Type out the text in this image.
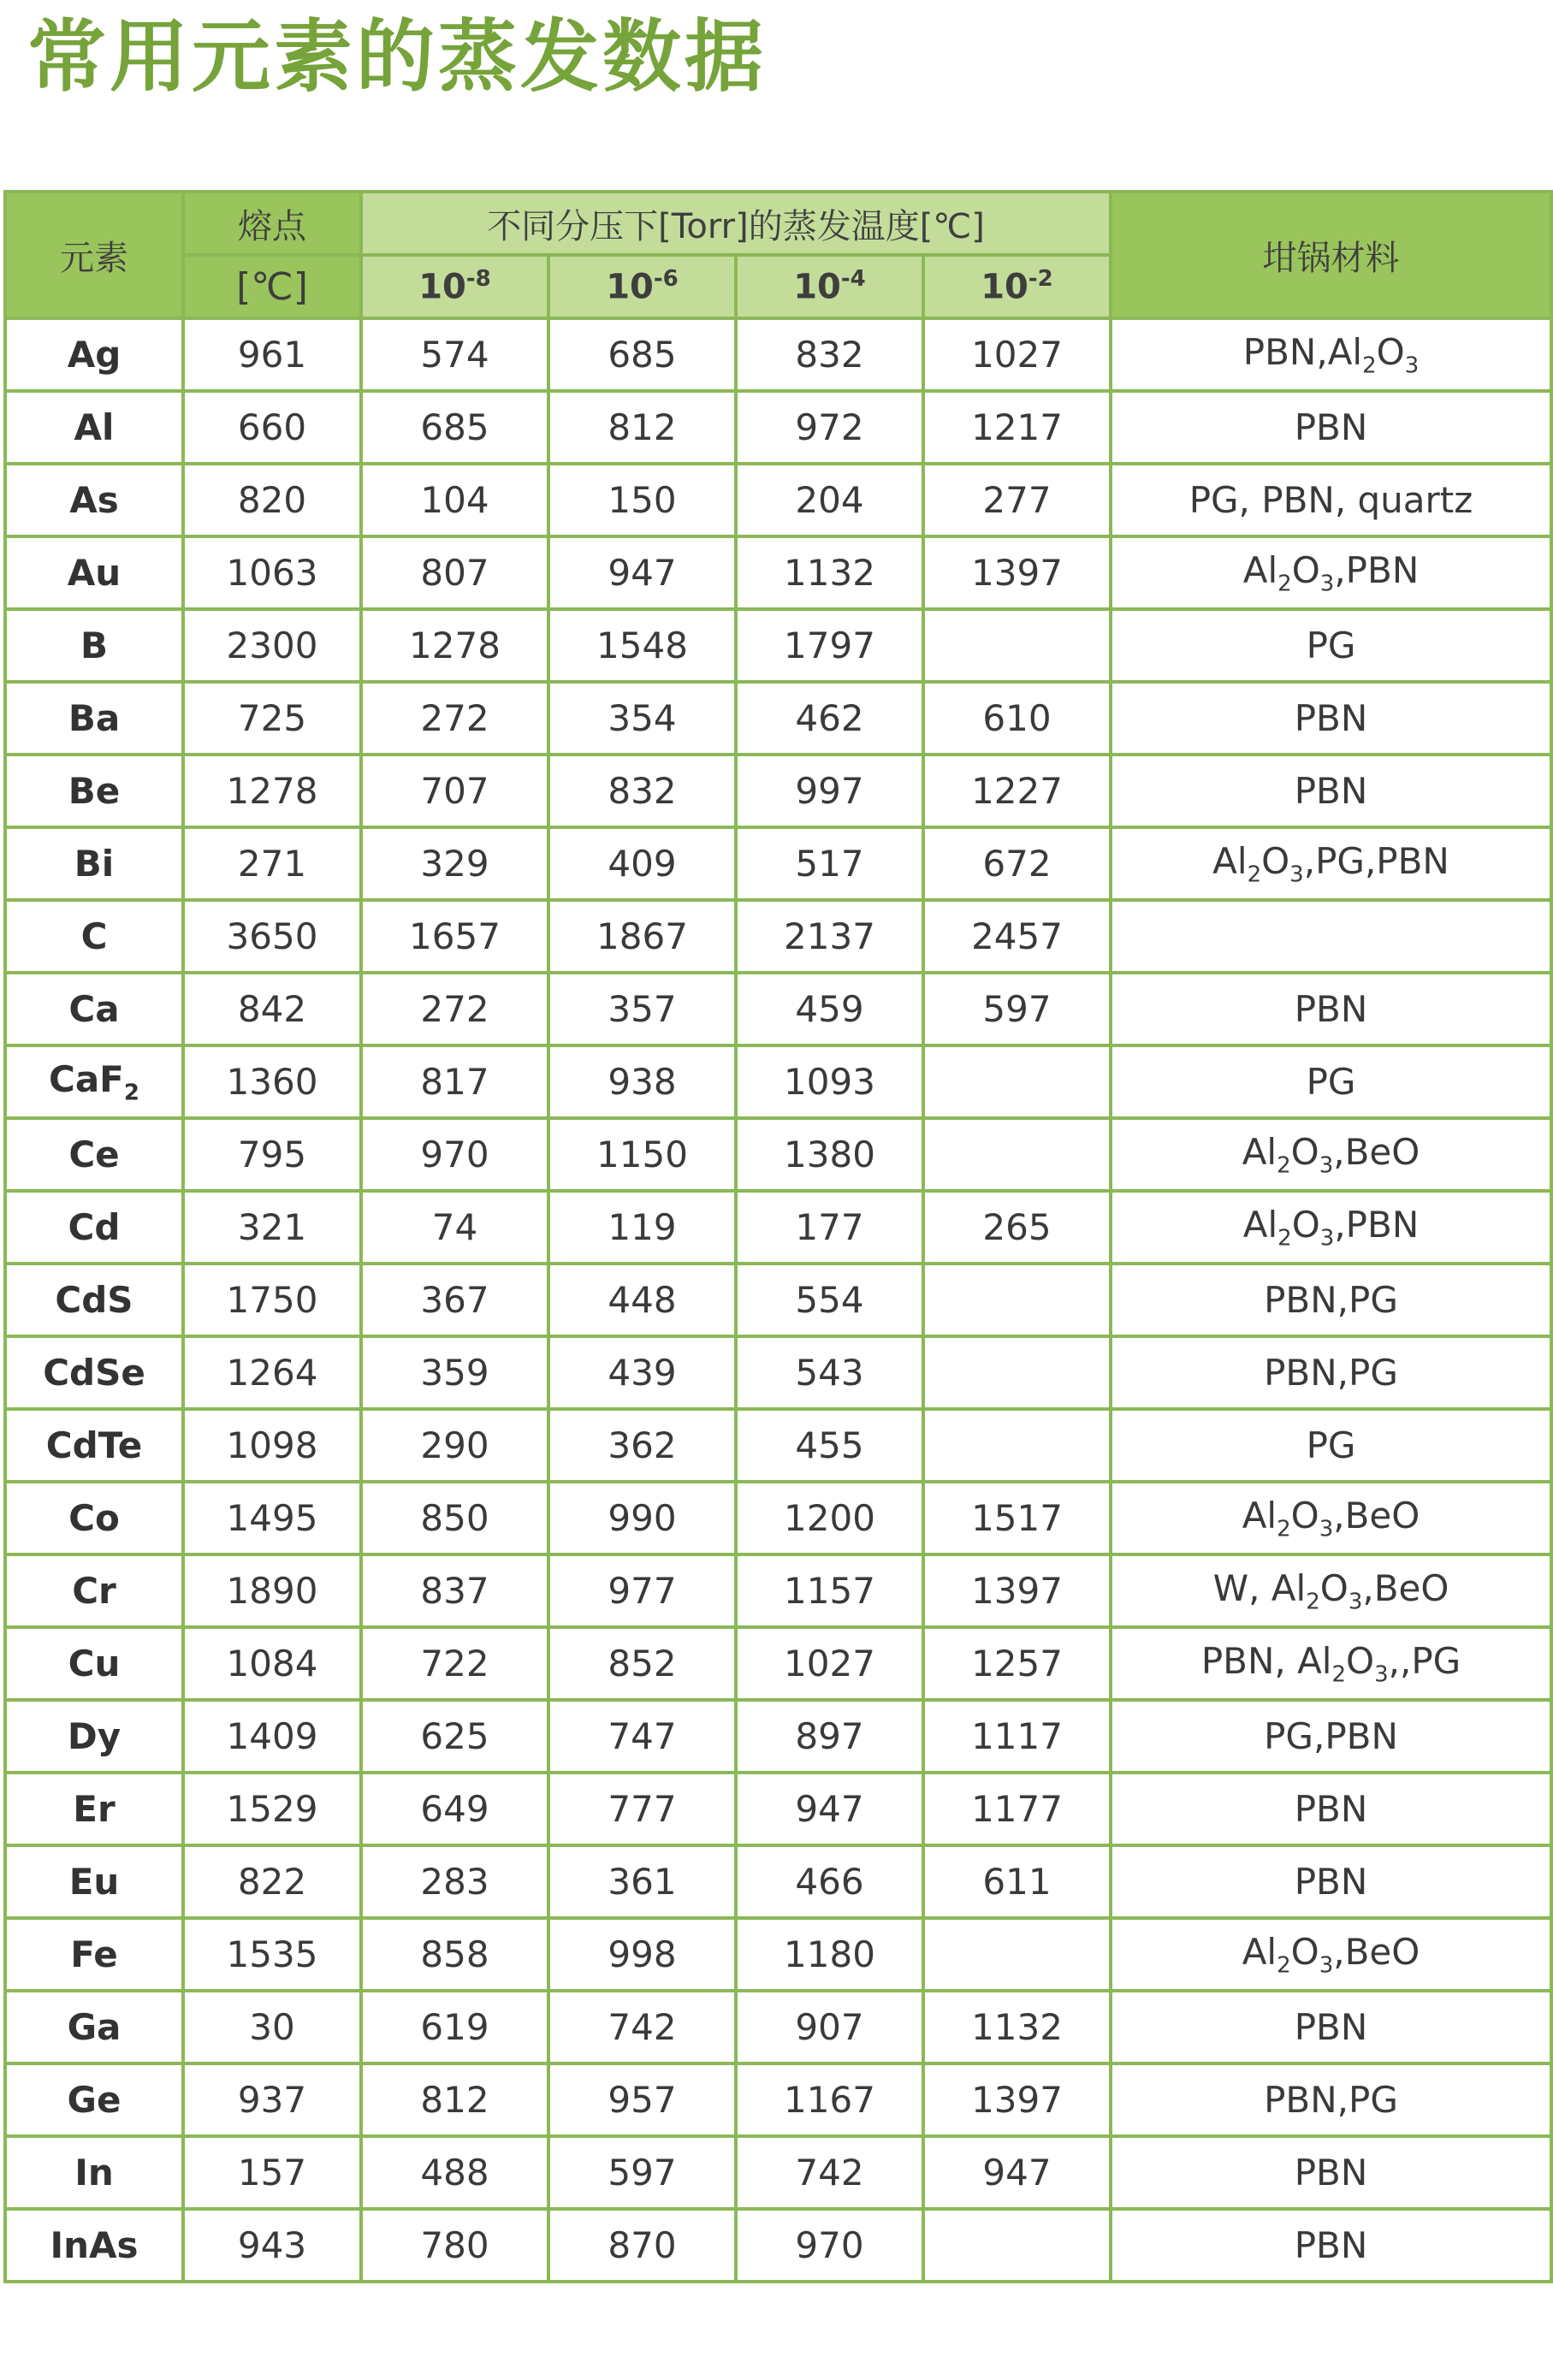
常用元素的蒸发数据
元素	熔点	不同分压下[Torr]的蒸发温度[℃]				坩锅材料
	[℃]	$10^{-8}$	$10^{-6}$	$10^{-4}$	$10^{-2}$
Ag	961	574	685	832	1027	$PBN,Al_2O_3$
Al	660	685	812	972	1217	PBN
As	820	104	150	204	277	PG, PBN, quartz
Au	1063	807	947	1132	1397	$Al_2O_3,PBN$
B	2300	1278	1548	1797		PG
Ba	725	272	354	462	610	PBN
Be	1278	707	832	997	1227	PBN
Bi	271	329	409	517	672	$Al_2O_3,PG,PBN$
C	3650	1657	1867	2137	2457	
Ca	842	272	357	459	597	PBN
CaF$_2$	1360	817	938	1093		PG
Ce	795	970	1150	1380		$Al_2O_3,BeO$
Cd	321	74	119	177	265	$Al_2O_3,PBN$
CdS	1750	367	448	554		PBN,PG
CdSe	1264	359	439	543		PBN,PG
CdTe	1098	290	362	455		PG
Co	1495	850	990	1200	1517	$Al_2O_3,BeO$
Cr	1890	837	977	1157	1397	W, $Al_2O_3,BeO$
Cu	1084	722	852	1027	1257	PBN, $Al_2O_3,,PG$
Dy	1409	625	747	897	1117	PG,PBN
Er	1529	649	777	947	1177	PBN
Eu	822	283	361	466	611	PBN
Fe	1535	858	998	1180		$Al_2O_3,BeO$
Ga	30	619	742	907	1132	PBN
Ge	937	812	957	1167	1397	PBN,PG
In	157	488	597	742	947	PBN
InAs	943	780	870	970		PBN
